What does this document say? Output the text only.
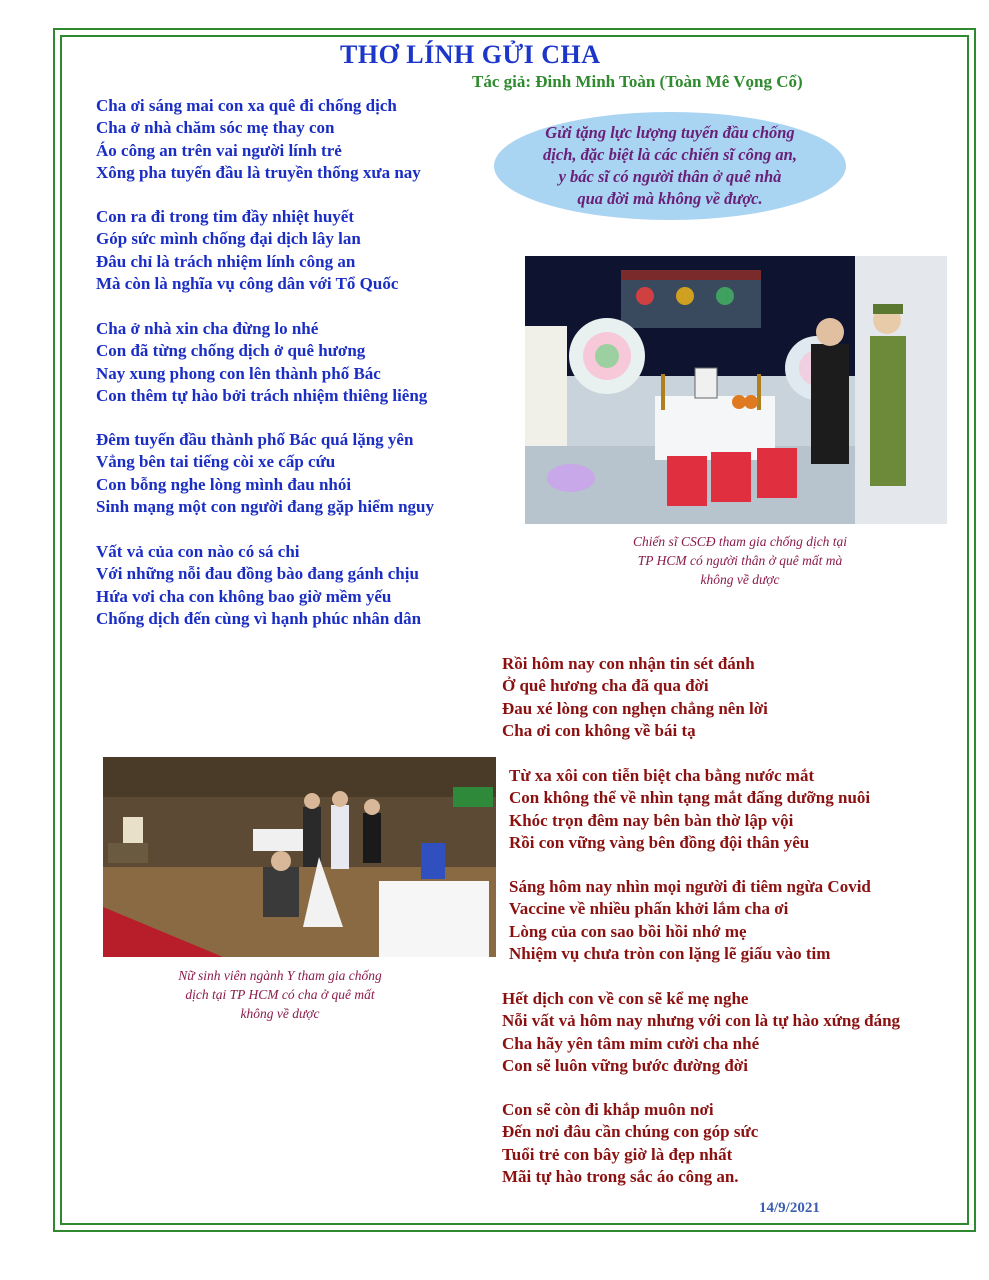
THƠ LÍNH GỬI CHA
Tác giả: Đinh Minh Toàn (Toàn Mê Vọng Cổ)
Cha ơi sáng mai con xa quê đi chống dịch
Cha ở nhà chăm sóc mẹ thay con
Áo công an trên vai người lính trẻ
Xông pha tuyến đầu là truyền thống xưa nay
Con ra đi trong tim đầy nhiệt huyết
Góp sức mình chống đại dịch lây lan
Đâu chỉ là trách nhiệm lính công an
Mà còn là nghĩa vụ công dân với Tổ Quốc
Cha ở nhà xin cha đừng lo nhé
Con đã từng chống dịch ở quê hương
Nay xung phong con lên thành phố Bác
Con thêm tự hào bởi trách nhiệm thiêng liêng
Đêm tuyến đầu thành phố Bác quá lặng yên
Vẳng bên tai tiếng còi xe cấp cứu
Con bỗng nghe lòng mình đau nhói
Sinh mạng một con người đang gặp hiểm nguy
Vất vả của con nào có sá chi
Với những nỗi đau đồng bào đang gánh chịu
Hứa vơi cha con không bao giờ mềm yếu
Chống dịch đến cùng vì hạnh phúc nhân dân
Gửi tặng lực lượng tuyến đầu chống
dịch, đặc biệt là các chiến sĩ công an,
y bác sĩ có người thân ở quê nhà
qua đời mà không về được.
Chiến sĩ CSCĐ tham gia chống dịch tại
TP HCM có người thân ở quê mất mà
không về dược
Nữ sinh viên ngành Y tham gia chống
dịch tại TP HCM có cha ở quê mất
không về dược
Rồi hôm nay con nhận tin sét đánh
Ở quê hương cha đã qua đời
Đau xé lòng con nghẹn chẳng nên lời
Cha ơi con không về bái tạ
Từ xa xôi con tiễn biệt cha bằng nước mắt
Con không thể về nhìn tạng mắt đấng dưỡng nuôi
Khóc trọn đêm nay bên bàn thờ lập vội
Rồi con vững vàng bên đồng đội thân yêu
Sáng hôm nay nhìn mọi người đi tiêm ngừa Covid
Vaccine về nhiều phấn khởi lắm cha ơi
Lòng của con sao bồi hồi nhớ mẹ
Nhiệm vụ chưa tròn con lặng lẽ giấu vào tim
Hết dịch con về con sẽ kể mẹ nghe
Nỗi vất vả hôm nay nhưng với con là tự hào xứng đáng
Cha hãy yên tâm mỉm cười cha nhé
Con sẽ luôn vững bước đường đời
Con sẽ còn đi khắp muôn nơi
Đến nơi đâu cần chúng con góp sức
Tuổi trẻ con bây giờ là đẹp nhất
Mãi tự hào trong sắc áo công an.
14/9/2021
